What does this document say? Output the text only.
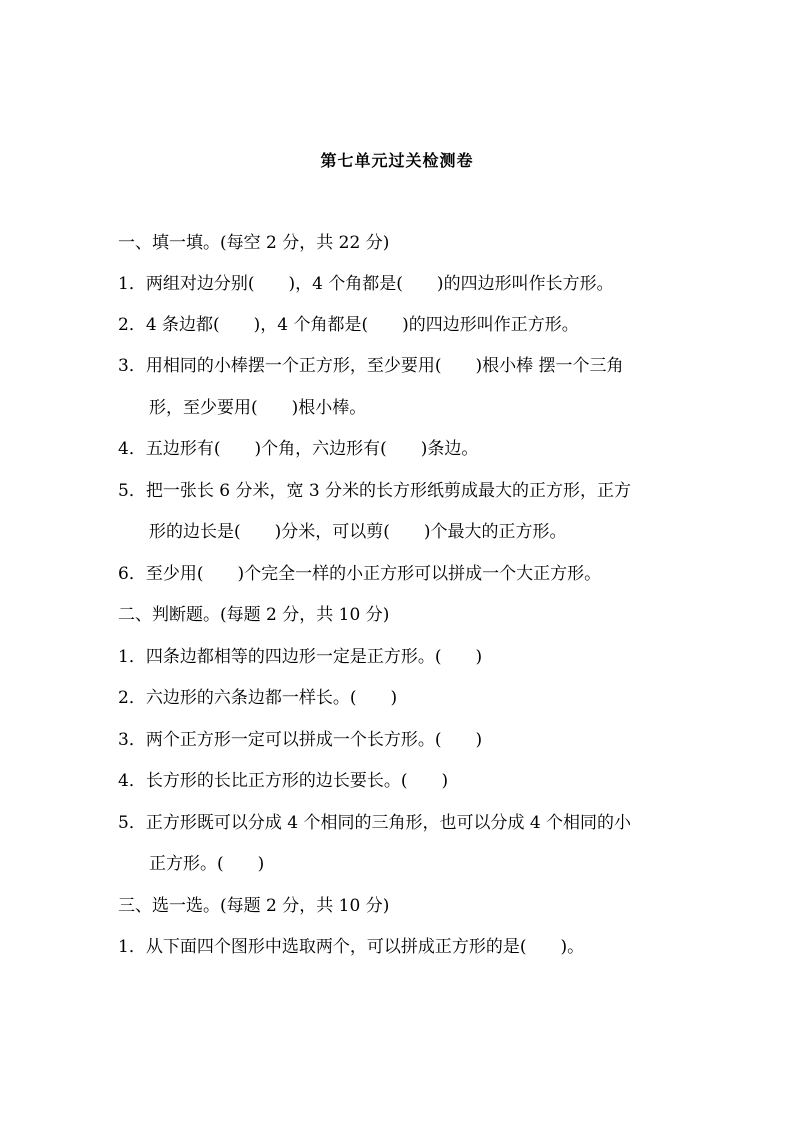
第七单元过关检测卷
一、填一填。(每空 2 分，共 22 分)
1．两组对边分别(　　)，4 个角都是(　　)的四边形叫作长方形。
2．4 条边都(　　)，4 个角都是(　　)的四边形叫作正方形。
3．用相同的小棒摆一个正方形，至少要用(　　)根小棒 摆一个三角
形，至少要用(　　)根小棒。
4．五边形有(　　)个角，六边形有(　　)条边。
5．把一张长 6 分米，宽 3 分米的长方形纸剪成最大的正方形，正方
形的边长是(　　)分米，可以剪(　　)个最大的正方形。
6．至少用(　　)个完全一样的小正方形可以拼成一个大正方形。
二、判断题。(每题 2 分，共 10 分)
1．四条边都相等的四边形一定是正方形。(　　)
2．六边形的六条边都一样长。(　　)
3．两个正方形一定可以拼成一个长方形。(　　)
4．长方形的长比正方形的边长要长。(　　)
5．正方形既可以分成 4 个相同的三角形，也可以分成 4 个相同的小
正方形。(　　)
三、选一选。(每题 2 分，共 10 分)
1．从下面四个图形中选取两个，可以拼成正方形的是(　　)。
